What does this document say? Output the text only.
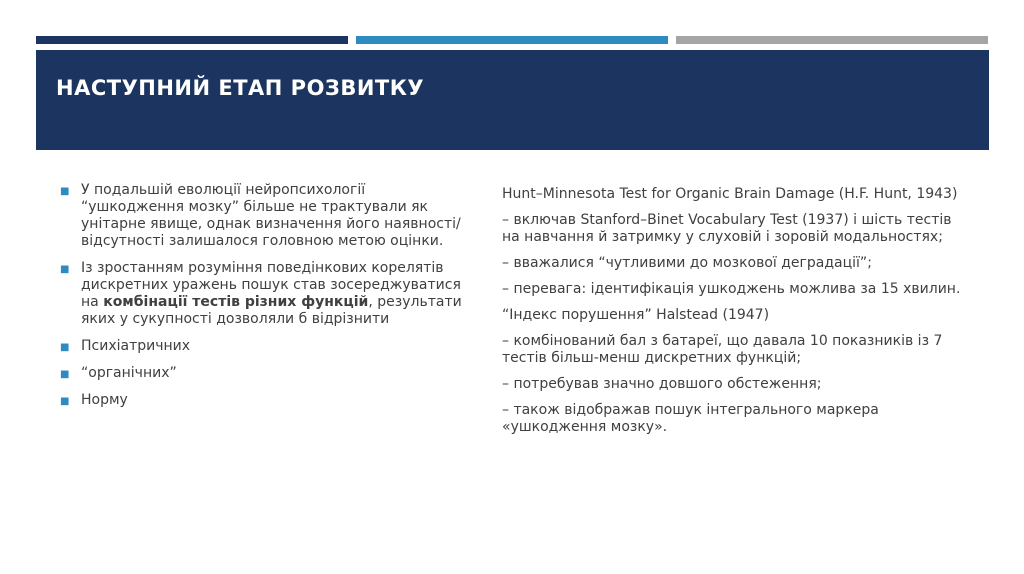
НАСТУПНИЙ ЕТАП РОЗВИТКУ
■ У подальшій еволюції нейропсихології “ушкодження мозку” більше не трактували як унітарне явище, однак визначення його наявності/відсутності залишалося головною метою оцінки.
■ Із зростанням розуміння поведінкових корелятів дискретних уражень пошук став зосереджуватися на комбінації тестів різних функцій, результати яких у сукупності дозволяли б відрізнити
■ Психіатричних
■ “органічних”
■ Норму

Hunt–Minnesota Test for Organic Brain Damage (H.F. Hunt, 1943)

– включав Stanford–Binet Vocabulary Test (1937) і шість тестів на навчання й затримку у слуховій і зоровій модальностях;

– вважалися “чутливими до мозкової деградації”;

– перевага: ідентифікація ушкоджень можлива за 15 хвилин.

“Індекс порушення” Halstead (1947)

– комбінований бал з батареї, що давала 10 показників із 7 тестів більш-менш дискретних функцій;

– потребував значно довшого обстеження;

– також відображав пошук інтегрального маркера «ушкодження мозку».
